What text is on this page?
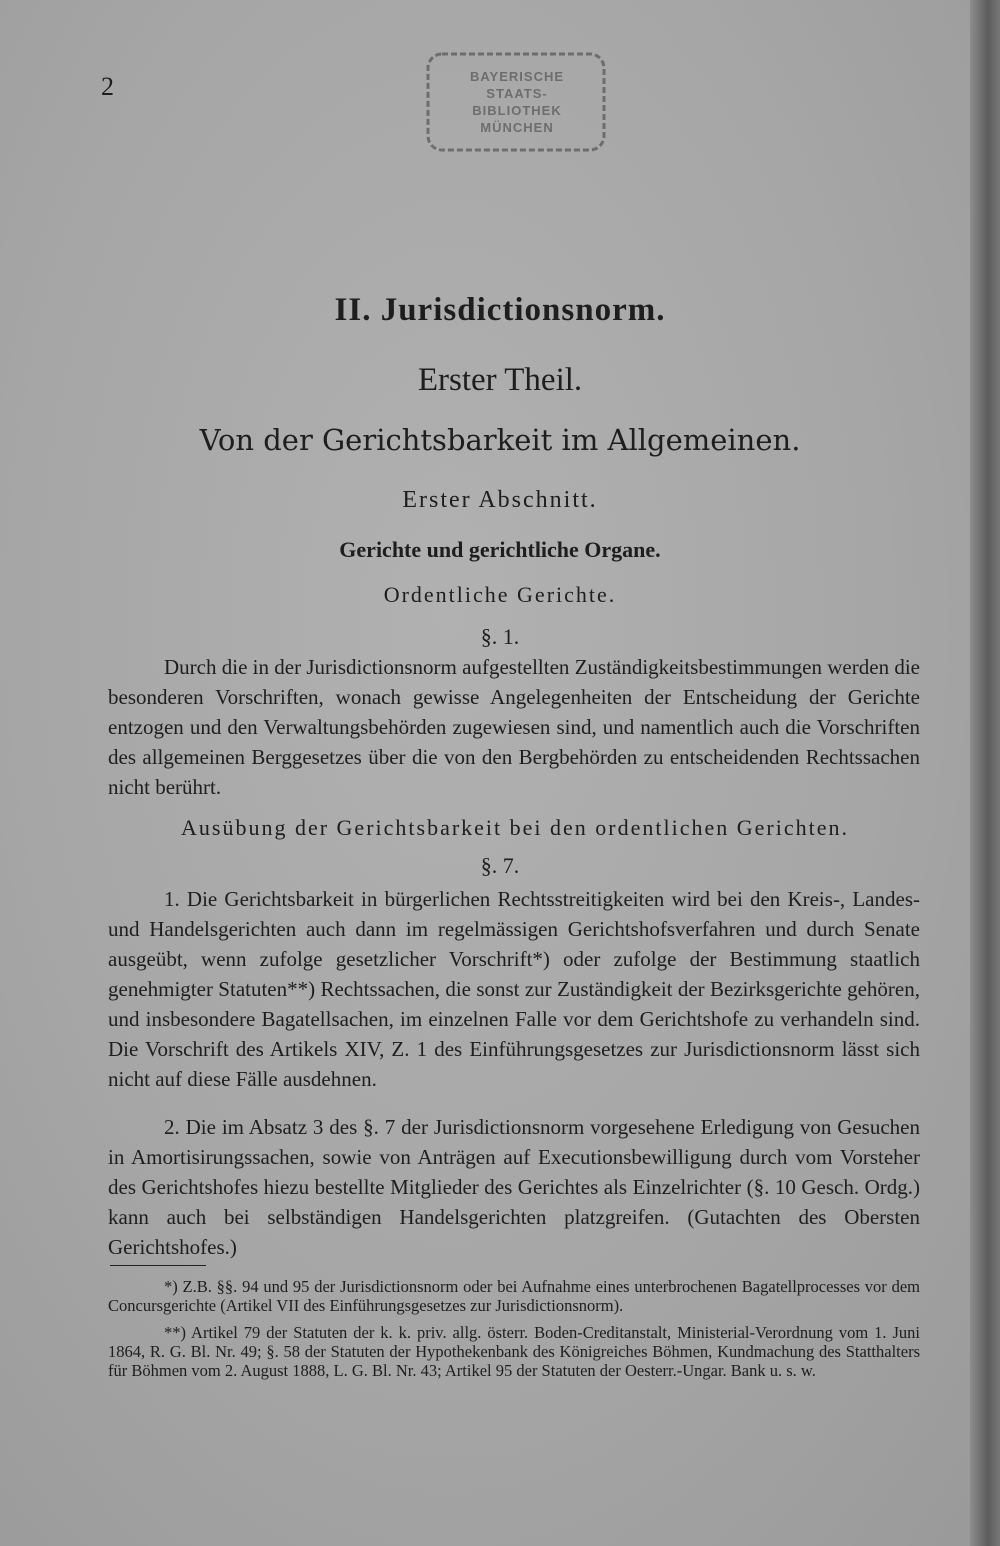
2	BAYERISCHE
STAATS-
BIBLIOTHEK
MÜNCHEN
II. Jurisdictionsnorm.
Erster Theil.
Von der Gerichtsbarkeit im Allgemeinen.
Erster Abschnitt.
Gerichte und gerichtliche Organe.
Ordentliche Gerichte.
§. 1.

Durch die in der Jurisdictionsnorm aufgestellten Zuständigkeitsbestimmungen werden die besonderen Vorschriften, wonach gewisse Angelegenheiten der Entscheidung der Gerichte entzogen und den Verwaltungsbehörden zugewiesen sind, und namentlich auch die Vorschriften des allgemeinen Berggesetzes über die von den Bergbehörden zu entscheidenden Rechtssachen nicht berührt.

Ausübung der Gerichtsbarkeit bei den ordentlichen Gerichten.
§. 7.

1. Die Gerichtsbarkeit in bürgerlichen Rechtsstreitigkeiten wird bei den Kreis-, Landes- und Handelsgerichten auch dann im regelmässigen Gerichtshofsverfahren und durch Senate ausgeübt, wenn zufolge gesetzlicher Vorschrift*) oder zufolge der Bestimmung staatlich genehmigter Statuten**) Rechtssachen, die sonst zur Zuständigkeit der Bezirksgerichte gehören, und insbesondere Bagatellsachen, im einzelnen Falle vor dem Gerichtshofe zu verhandeln sind. Die Vorschrift des Artikels XIV, Z. 1 des Einführungsgesetzes zur Jurisdictionsnorm lässt sich nicht auf diese Fälle ausdehnen.

2. Die im Absatz 3 des §. 7 der Jurisdictionsnorm vorgesehene Erledigung von Gesuchen in Amortisirungssachen, sowie von Anträgen auf Executionsbewilligung durch vom Vorsteher des Gerichtshofes hiezu bestellte Mitglieder des Gerichtes als Einzelrichter (§. 10 Gesch. Ordg.) kann auch bei selbständigen Handelsgerichten platzgreifen. (Gutachten des Obersten Gerichtshofes.)

*) Z.B. §§. 94 und 95 der Jurisdictionsnorm oder bei Aufnahme eines unterbrochenen Bagatellprocesses vor dem Concursgerichte (Artikel VII des Einführungsgesetzes zur Jurisdictionsnorm).

**) Artikel 79 der Statuten der k. k. priv. allg. österr. Boden-Creditanstalt, Ministerial-Verordnung vom 1. Juni 1864, R. G. Bl. Nr. 49; §. 58 der Statuten der Hypothekenbank des Königreiches Böhmen, Kundmachung des Statthalters für Böhmen vom 2. August 1888, L. G. Bl. Nr. 43; Artikel 95 der Statuten der Oesterr.-Ungar. Bank u. s. w.
